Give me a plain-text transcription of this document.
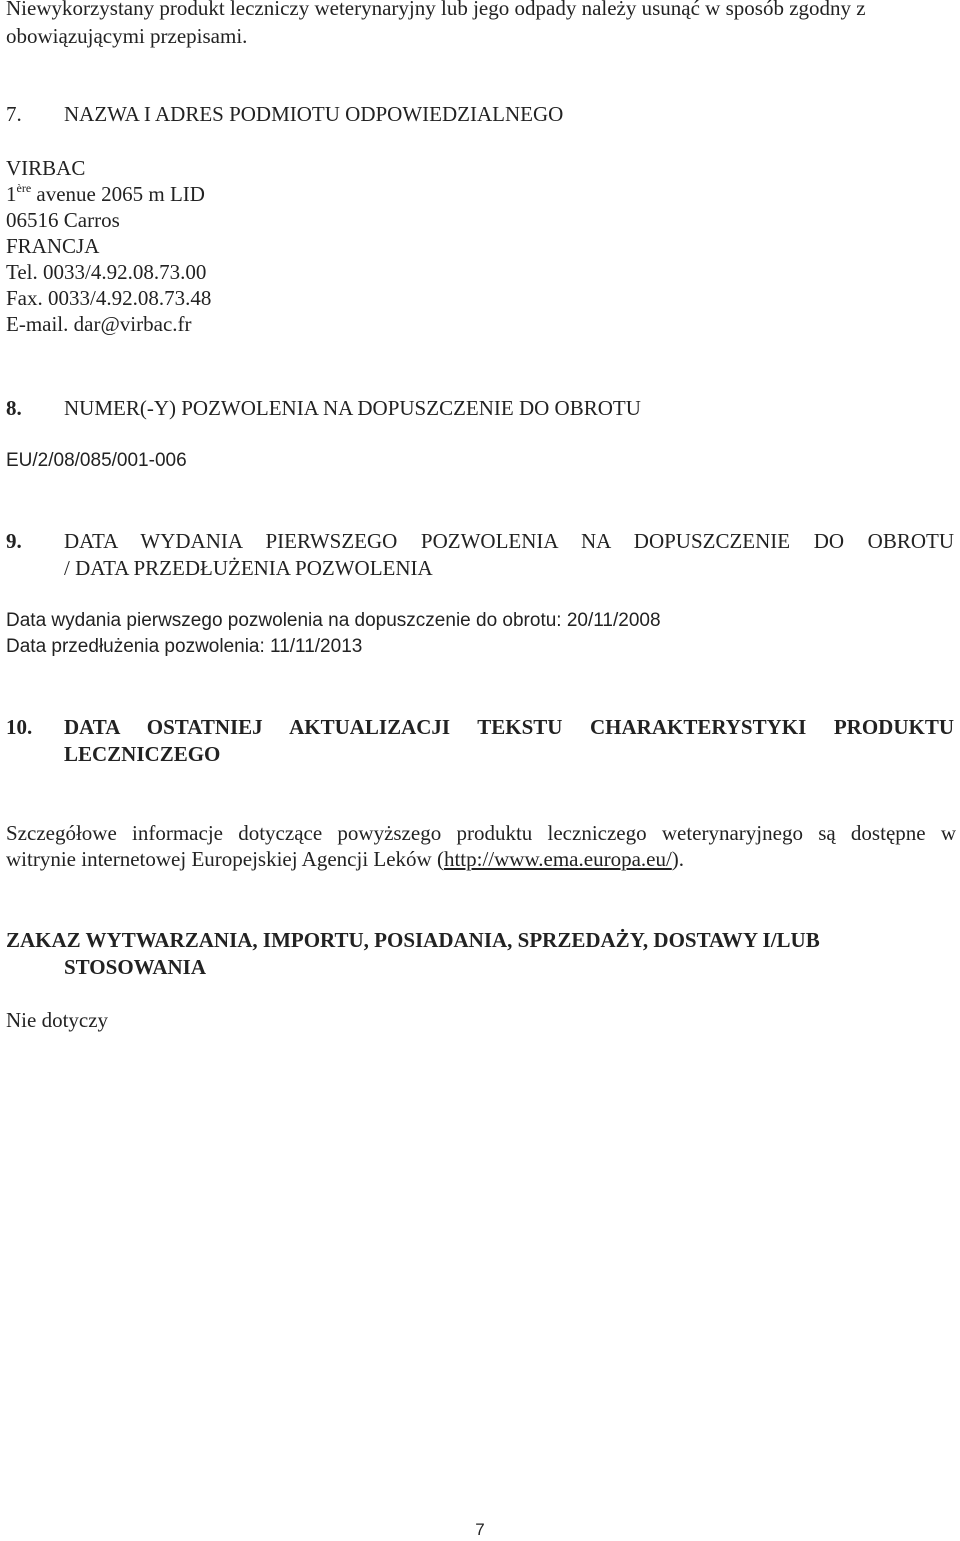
Niewykorzystany produkt leczniczy weterynaryjny lub jego odpady należy usunąć w sposób zgodny z

obowiązującymi przepisami.

7. NAZWA I ADRES PODMIOTU ODPOWIEDZIALNEGO

VIRBAC

1ère avenue 2065 m LID

06516 Carros

FRANCJA

Tel. 0033/4.92.08.73.00

Fax. 0033/4.92.08.73.48

E-mail. dar@virbac.fr

8. NUMER(-Y) POZWOLENIA NA DOPUSZCZENIE DO OBROTU

EU/2/08/085/001-006

9. DATA WYDANIA PIERWSZEGO POZWOLENIA NA DOPUSZCZENIE DO OBROTU
/ DATA PRZEDŁUŻENIA POZWOLENIA

Data wydania pierwszego pozwolenia na dopuszczenie do obrotu: 20/11/2008

Data przedłużenia pozwolenia: 11/11/2013

10. DATA OSTATNIEJ AKTUALIZACJI TEKSTU CHARAKTERYSTYKI PRODUKTU
LECZNICZEGO

Szczegółowe informacje dotyczące powyższego produktu leczniczego weterynaryjnego są dostępne w

witrynie internetowej Europejskiej Agencji Leków (http://www.ema.europa.eu/).

ZAKAZ WYTWARZANIA, IMPORTU, POSIADANIA, SPRZEDAŻY, DOSTAWY I/LUB
STOSOWANIA

Nie dotyczy

7
